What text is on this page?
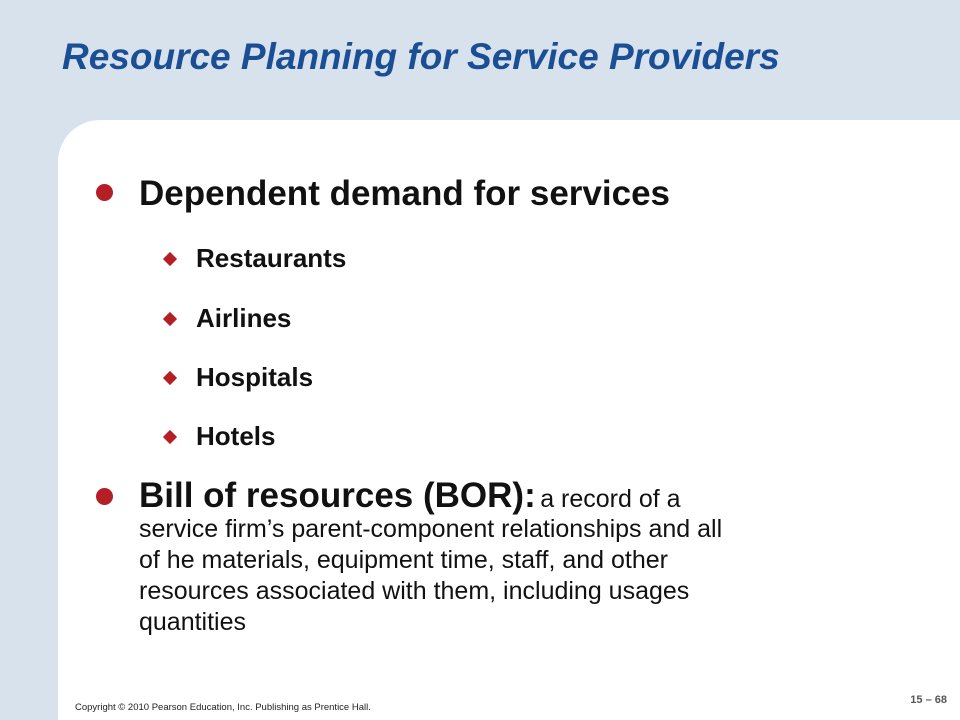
Resource Planning for Service Providers
Dependent demand for services
Restaurants
Airlines
Hospitals
Hotels
Bill of resources (BOR): a record of a
service firm’s parent-component relationships and all
of he materials, equipment time, staff, and other
resources associated with them, including usages
quantities
Copyright © 2010 Pearson Education, Inc. Publishing as Prentice Hall.
15 – 68
